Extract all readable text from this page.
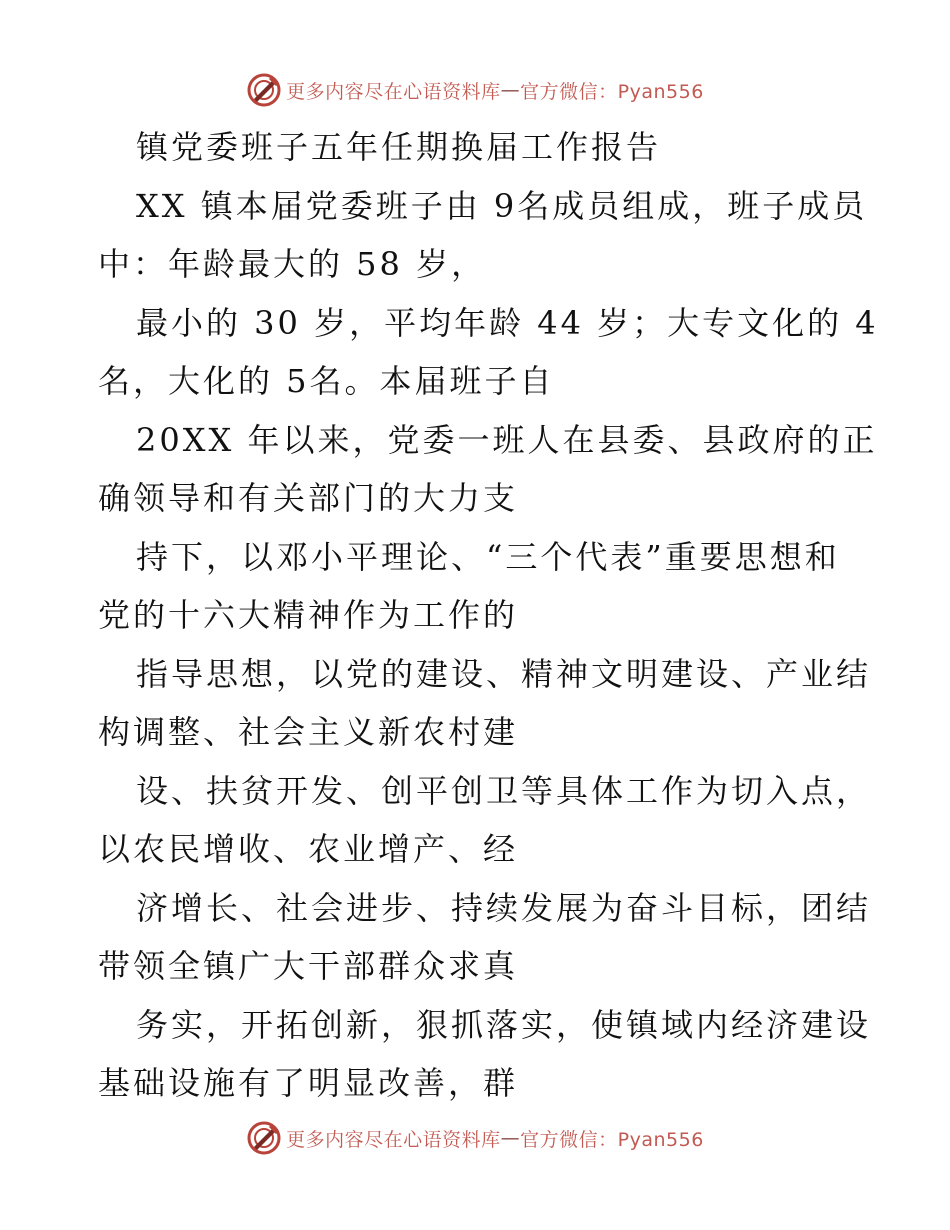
更多内容尽在心语资料库 — 官方微信：Pyan556
镇党委班子五年任期换届工作报告
XX 镇本届党委班子由 9名成员组成，班子成员
中：年龄最大的 58 岁，
最小的 30 岁，平均年龄 44 岁；大专文化的 4
名，大化的 5名。本届班子自
20XX 年以来，党委一班人在县委、县政府的正
确领导和有关部门的大力支
持下，以邓小平理论、“三个代表”重要思想和
党的十六大精神作为工作的
指导思想，以党的建设、精神文明建设、产业结
构调整、社会主义新农村建
设、扶贫开发、创平创卫等具体工作为切入点，
以农民增收、农业增产、经
济增长、社会进步、持续发展为奋斗目标，团结
带领全镇广大干部群众求真
务实，开拓创新，狠抓落实，使镇域内经济建设
基础设施有了明显改善，群
更多内容尽在心语资料库 — 官方微信：Pyan556
